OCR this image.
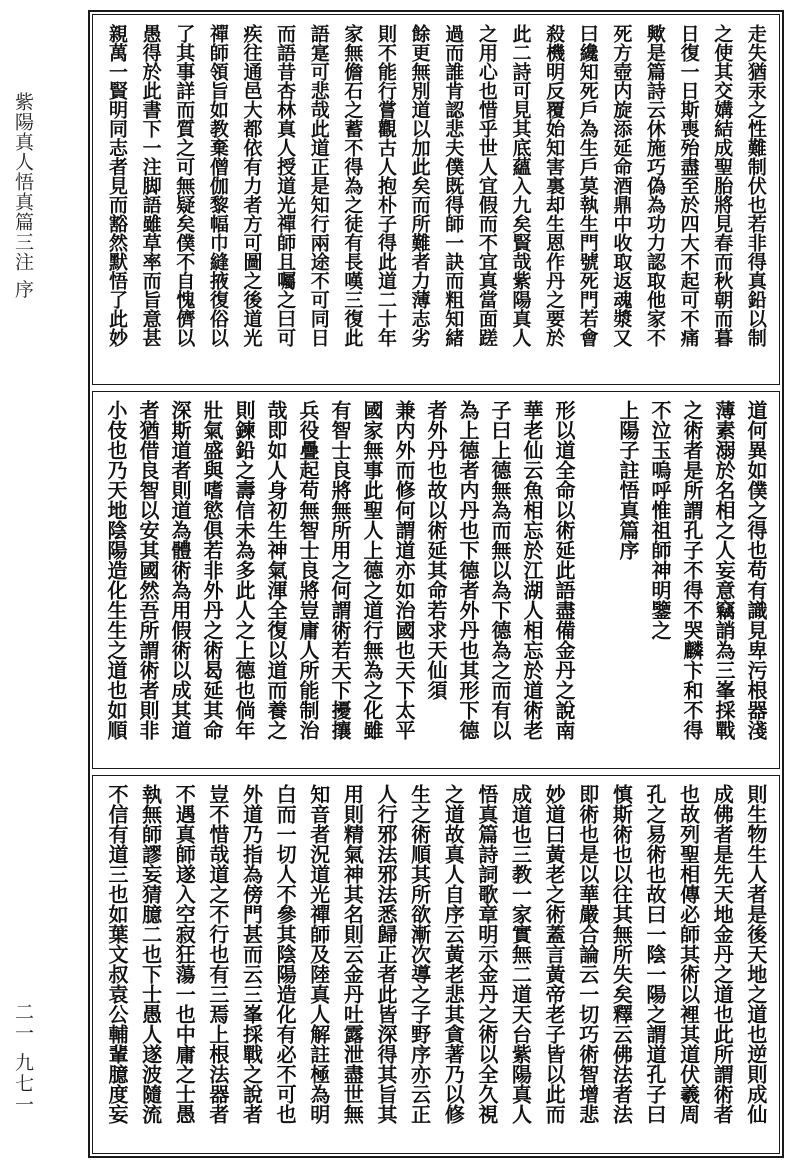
紫陽真人悟真篇三注 序
二一 九七一
走失猶汞之性難制伏也若非得真鉛以制
之使其交媾結成聖胎將見春而秋朝而暮
日復一日斯喪殆盡至於四大不起可不痛
歟是篇詩云休施巧偽為功力認取他家不
死方壺内旋添延命酒鼎中收取返魂漿又
曰纔知死戶為生戶莫執生門號死門若會
殺機明反覆始知害裏却生恩作丹之要於
此二詩可見其底蘊入九矣賢哉紫陽真人
之用心也惜乎世人宜假而不宜真當面蹉
過而誰肯認悲夫僕既得師一訣而粗知緒
餘更無別道以加此矣而所難者力薄志劣
則不能行嘗觀古人抱朴子得此道二十年
家無儋石之蓄不得為之徒有長嘆三復此
語寔可悲哉此道正是知行兩途不可同日
而語昔杏林真人授道光禪師且囑之曰可
疾往通邑大都依有力者方可圖之後道光
禪師領旨如教棄僧伽黎幅巾縫掖復俗以
了其事詳而質之可無疑矣僕不自愧儕以
愚得於此書下一注脚語雖草率而旨意甚
親萬一賢明同志者見而豁然默悟了此妙
道何異如僕之得也苟有識見卑污根器淺
薄素溺於名相之人妄意竊誚為三峯採戰
之術者是所謂孔子不得不哭麟卞和不得
不泣玉嗚呼惟祖師神明鑒之
上陽子註悟真篇序
形以道全命以術延此語盡備金丹之說南
華老仙云魚相忘於江湖人相忘於道術老
子曰上德無為而無以為下德為之而有以
為上德者内丹也下德者外丹也其形下德
者外丹也故以術延其命若求天仙須
兼内外而修何謂道亦如治國也天下太平
國家無事此聖人上德之道行無為之化雖
有智士良將無所用之何謂術若天下擾攘
兵役疊起苟無智士良將豈庸人所能制治
哉即如人身初生神氣渾全復以道而養之
則鍊鉛之壽信未為多此人之上德也倘年
壯氣盛與嗜慾俱若非外丹之術曷延其命
深斯道者則道為體術為用假術以成其道
者猶借良智以安其國然吾所謂術者則非
小伎也乃天地陰陽造化生生之道也如順
則生物生人者是後天地之道也逆則成仙
成佛者是先天地金丹之道也此所謂術者
也故列聖相傳必師其術以裡其道伏羲周
孔之易術也故曰一陰一陽之謂道孔子曰
慎斯術也以往其無所失矣釋云佛法者法
即術也是以華嚴合論云一切巧術智增悲
妙道曰黃老之術蓋言黃帝老子皆以此而
成道也三教一家實無二道天台紫陽真人
悟真篇詩詞歌章明示金丹之術以全久視
之道故真人自序云黃老悲其貪著乃以修
生之術順其所欲漸次導之子野序亦云正
人行邪法邪法悉歸正者此皆深得其旨其
用則精氣神其名則云金丹吐露泄盡世無
知音者況道光禪師及陸真人解註極為明
白而一切人不參其陰陽造化有必不可也
外道乃指為傍門甚而云三峯採戰之說者
豈不惜哉道之不行也有三焉上根法器者
不遇真師遂入空寂狂蕩一也中庸之士愚
執無師謬妄猜臆二也下士愚人遂波隨流
不信有道三也如葉文叔袁公輔輩臆度妄
